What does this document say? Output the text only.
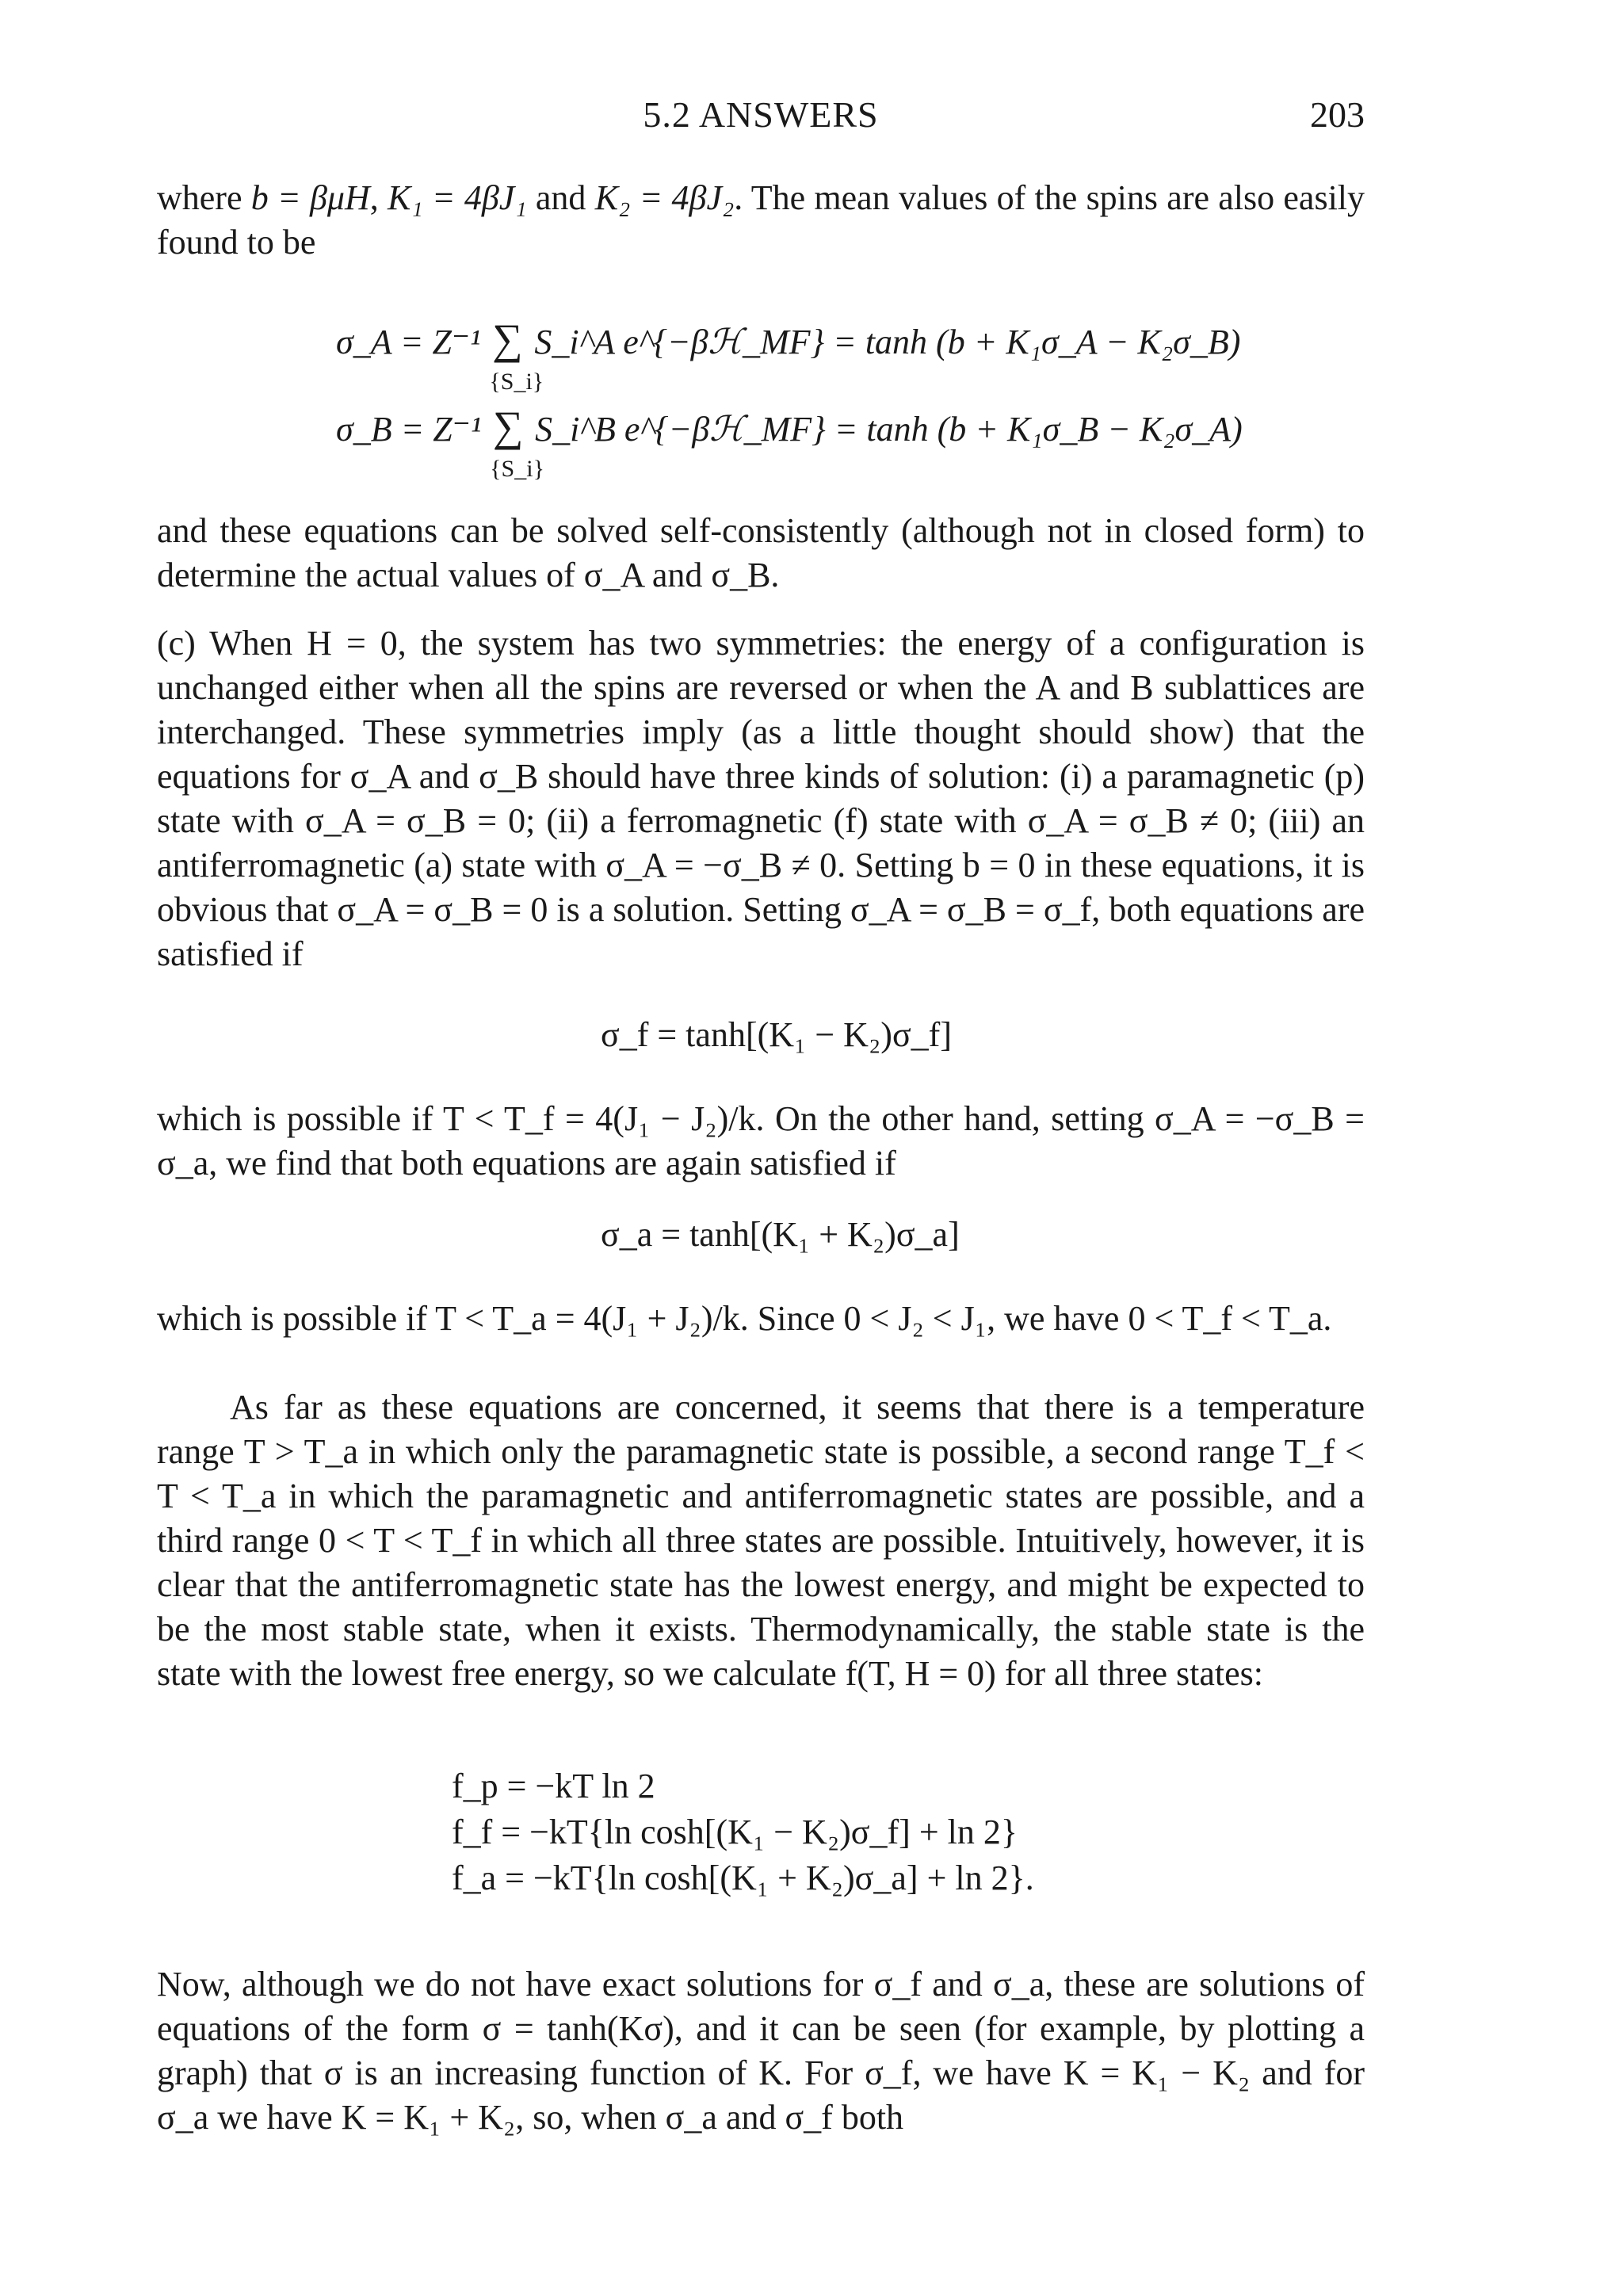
5.2 ANSWERS	203
where b = βμH, K₁ = 4βJ₁ and K₂ = 4βJ₂. The mean values of the spins are also easily found to be
σ_A = Z⁻¹ ∑
{S_i}
S_i^A e^{−βℋ_MF} = tanh (b + K₁σ_A − K₂σ_B)
σ_B = Z⁻¹ ∑
{S_i}
S_i^B e^{−βℋ_MF} = tanh (b + K₁σ_B − K₂σ_A)
and these equations can be solved self-consistently (although not in closed form) to determine the actual values of σ_A and σ_B.
(c) When H = 0, the system has two symmetries: the energy of a configuration is unchanged either when all the spins are reversed or when the A and B sublattices are interchanged. These symmetries imply (as a little thought should show) that the equations for σ_A and σ_B should have three kinds of solution: (i) a paramagnetic (p) state with σ_A = σ_B = 0; (ii) a ferromagnetic (f) state with σ_A = σ_B ≠ 0; (iii) an antiferromagnetic (a) state with σ_A = −σ_B ≠ 0. Setting b = 0 in these equations, it is obvious that σ_A = σ_B = 0 is a solution. Setting σ_A = σ_B = σ_f, both equations are satisfied if
σ_f = tanh[(K₁ − K₂)σ_f]
which is possible if T < T_f = 4(J₁ − J₂)/k. On the other hand, setting σ_A = −σ_B = σ_a, we find that both equations are again satisfied if
σ_a = tanh[(K₁ + K₂)σ_a]
which is possible if T < T_a = 4(J₁ + J₂)/k. Since 0 < J₂ < J₁, we have 0 < T_f < T_a.
As far as these equations are concerned, it seems that there is a temperature range T > T_a in which only the paramagnetic state is possible, a second range T_f < T < T_a in which the paramagnetic and antiferromagnetic states are possible, and a third range 0 < T < T_f in which all three states are possible. Intuitively, however, it is clear that the antiferromagnetic state has the lowest energy, and might be expected to be the most stable state, when it exists. Thermodynamically, the stable state is the state with the lowest free energy, so we calculate f(T, H = 0) for all three states:
f_p = −kT ln 2
f_f = −kT{ln cosh[(K₁ − K₂)σ_f] + ln 2}
f_a = −kT{ln cosh[(K₁ + K₂)σ_a] + ln 2}.
Now, although we do not have exact solutions for σ_f and σ_a, these are solutions of equations of the form σ = tanh(Kσ), and it can be seen (for example, by plotting a graph) that σ is an increasing function of K. For σ_f, we have K = K₁ − K₂ and for σ_a we have K = K₁ + K₂, so, when σ_a and σ_f both
